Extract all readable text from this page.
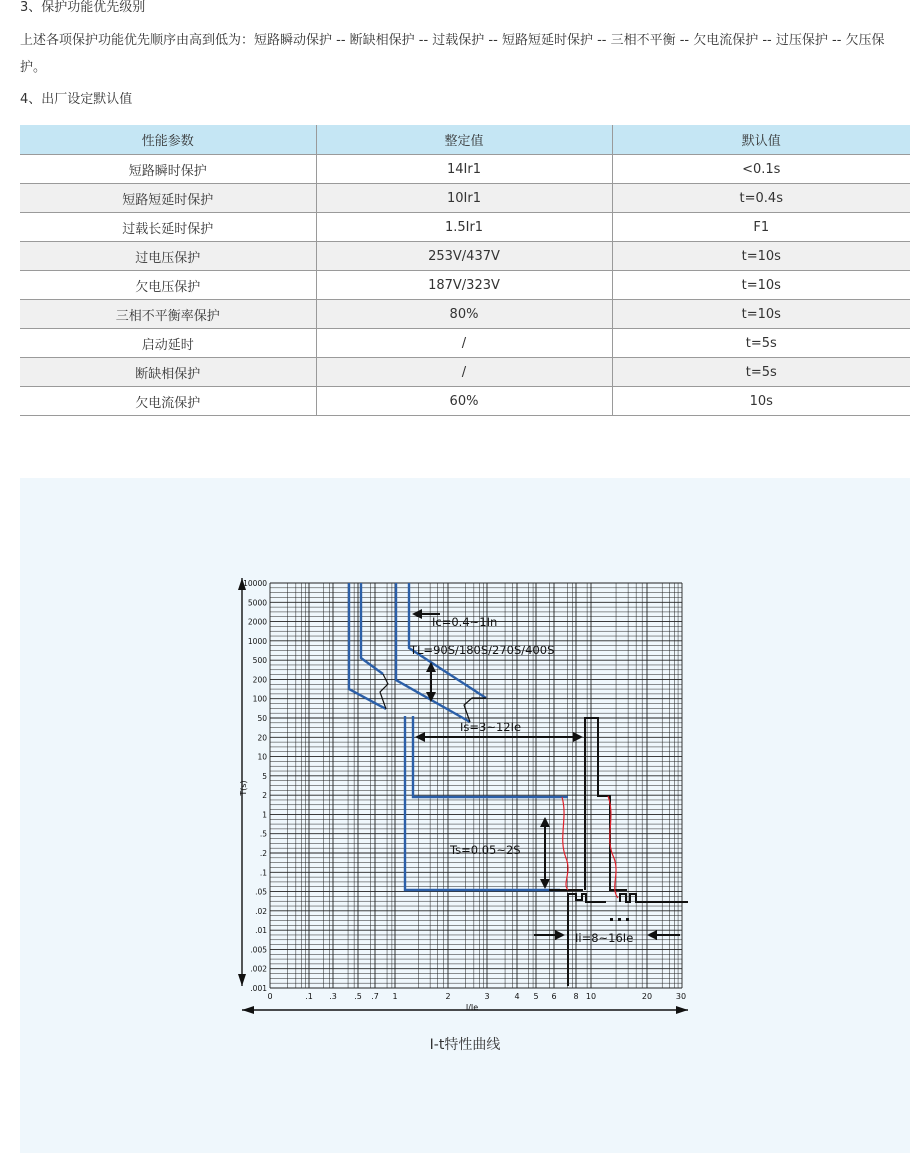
3、保护功能优先级别
上述各项保护功能优先顺序由高到低为：短路瞬动保护 -- 断缺相保护 -- 过载保护 -- 短路短延时保护 -- 三相不平衡 -- 欠电流保护 -- 过压保护 -- 欠压保护。
4、出厂设定默认值
性能参数	整定值	默认值
短路瞬时保护	14Ir1	<0.1s
短路短延时保护	10Ir1	t=0.4s
过载长延时保护	1.5Ir1	F1
过电压保护	253V/437V	t=10s
欠电压保护	187V/323V	t=10s
三相不平衡率保护	80%	t=10s
启动延时	/	t=5s
断缺相保护	/	t=5s
欠电流保护	60%	10s
10000
5000
2000
1000
500
200
100
50
20
10
5
2
1
.5
.2
.1
.05
.02
.01
.005
.002
.001
0	.1 .3 .5 .7 1	2	3	4 5 6 8 10	20	30
T(s)
I/Ie
Ic=0.4~1In
TL=90S/180S/270S/400S
Is=3~12Ie
Ts=0.05~2S
Ii=8~16Ie
I-t特性曲线
